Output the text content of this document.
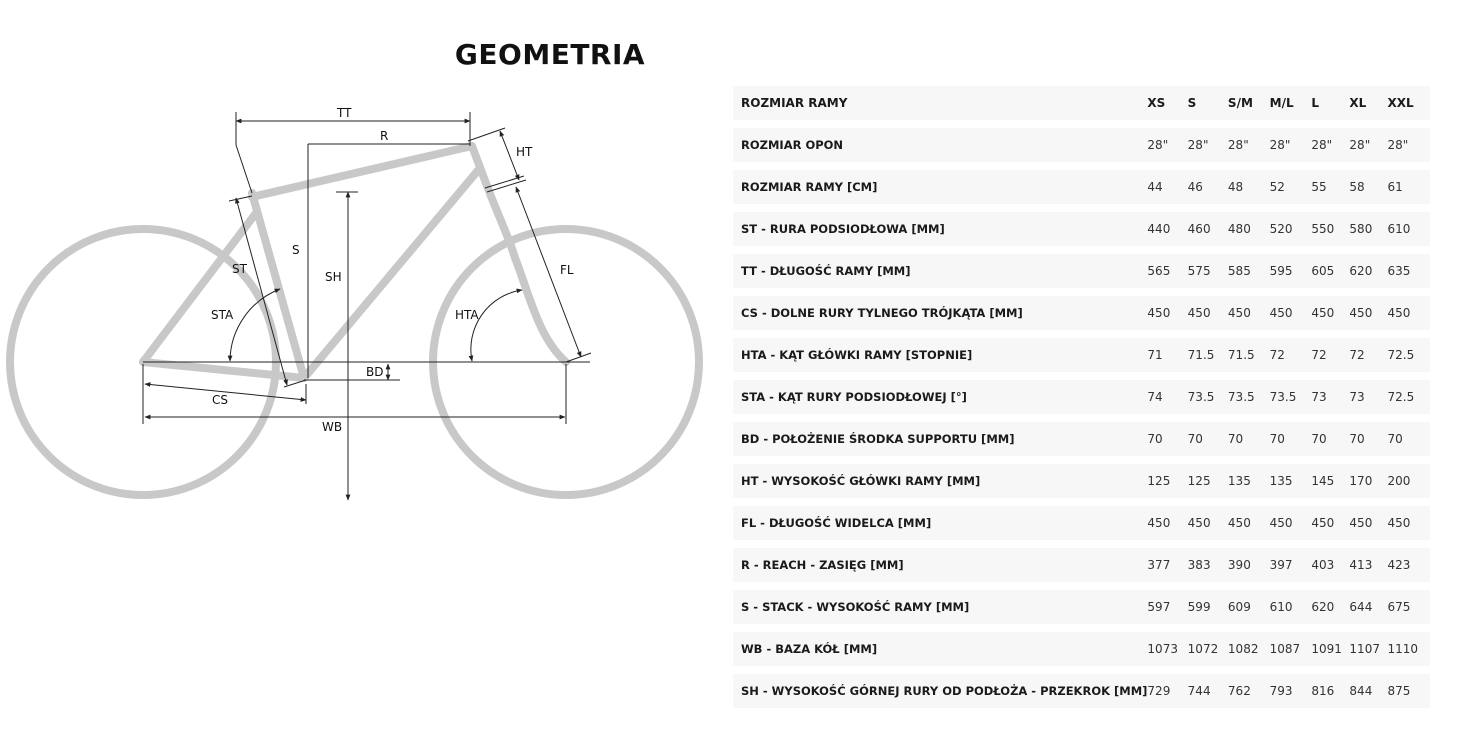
GEOMETRIA
TT
R
HT
S
SH
ST
STA	HTA
FL
BD
CS
WB
ROZMIAR RAMY	XS	S	S/M	M/L	L	XL	XXL
ROZMIAR OPON	28"	28"	28"	28"	28"	28"	28"
ROZMIAR RAMY [CM]	44	46	48	52	55	58	61
ST - RURA PODSIODŁOWA [MM]	440	460	480	520	550	580	610
TT - DŁUGOŚĆ RAMY [MM]	565	575	585	595	605	620	635
CS - DOLNE RURY TYLNEGO TRÓJKĄTA [MM]	450	450	450	450	450	450	450
HTA - KĄT GŁÓWKI RAMY [STOPNIE]	71	71.5	71.5	72	72	72	72.5
STA - KĄT RURY PODSIODŁOWEJ [°]	74	73.5	73.5	73.5	73	73	72.5
BD - POŁOŻENIE ŚRODKA SUPPORTU [MM]	70	70	70	70	70	70	70
HT - WYSOKOŚĆ GŁÓWKI RAMY [MM]	125	125	135	135	145	170	200
FL - DŁUGOŚĆ WIDELCA [MM]	450	450	450	450	450	450	450
R - REACH - ZASIĘG [MM]	377	383	390	397	403	413	423
S - STACK - WYSOKOŚĆ RAMY [MM]	597	599	609	610	620	644	675
WB - BAZA KÓŁ [MM]	1073	1072	1082	1087	1091	1107	1110
SH - WYSOKOŚĆ GÓRNEJ RURY OD PODŁOŻA - PRZEKROK [MM]	729	744	762	793	816	844	875
